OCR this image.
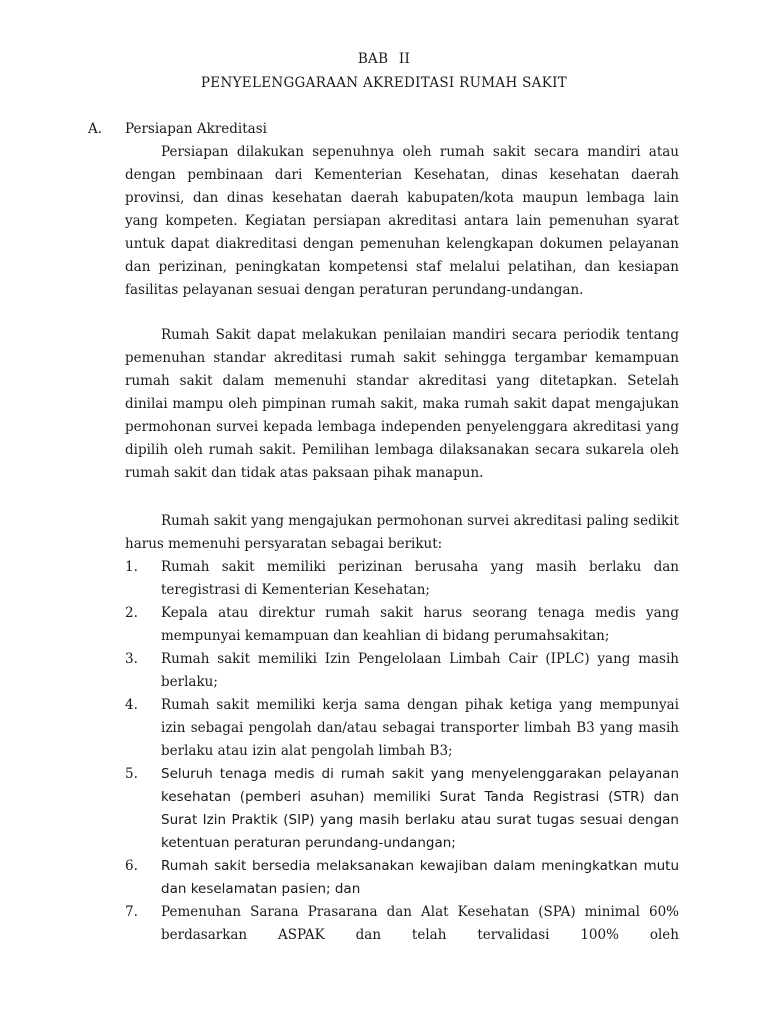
BAB II
PENYELENGGARAAN AKREDITASI RUMAH SAKIT
A. Persiapan Akreditasi
Persiapan dilakukan sepenuhnya oleh rumah sakit secara mandiri atau dengan pembinaan dari Kementerian Kesehatan, dinas kesehatan daerah provinsi, dan dinas kesehatan daerah kabupaten/kota maupun lembaga lain yang kompeten. Kegiatan persiapan akreditasi antara lain pemenuhan syarat untuk dapat diakreditasi dengan pemenuhan kelengkapan dokumen pelayanan dan perizinan, peningkatan kompetensi staf melalui pelatihan, dan kesiapan fasilitas pelayanan sesuai dengan peraturan perundang-undangan.
Rumah Sakit dapat melakukan penilaian mandiri secara periodik tentang pemenuhan standar akreditasi rumah sakit sehingga tergambar kemampuan rumah sakit dalam memenuhi standar akreditasi yang ditetapkan. Setelah dinilai mampu oleh pimpinan rumah sakit, maka rumah sakit dapat mengajukan permohonan survei kepada lembaga independen penyelenggara akreditasi yang dipilih oleh rumah sakit. Pemilihan lembaga dilaksanakan secara sukarela oleh rumah sakit dan tidak atas paksaan pihak manapun.
Rumah sakit yang mengajukan permohonan survei akreditasi paling sedikit harus memenuhi persyaratan sebagai berikut:
1. Rumah sakit memiliki perizinan berusaha yang masih berlaku dan teregistrasi di Kementerian Kesehatan;
2. Kepala atau direktur rumah sakit harus seorang tenaga medis yang mempunyai kemampuan dan keahlian di bidang perumahsakitan;
3. Rumah sakit memiliki Izin Pengelolaan Limbah Cair (IPLC) yang masih berlaku;
4. Rumah sakit memiliki kerja sama dengan pihak ketiga yang mempunyai izin sebagai pengolah dan/atau sebagai transporter limbah B3 yang masih berlaku atau izin alat pengolah limbah B3;
5. Seluruh tenaga medis di rumah sakit yang menyelenggarakan pelayanan kesehatan (pemberi asuhan) memiliki Surat Tanda Registrasi (STR) dan Surat Izin Praktik (SIP) yang masih berlaku atau surat tugas sesuai dengan ketentuan peraturan perundang-undangan;
6. Rumah sakit bersedia melaksanakan kewajiban dalam meningkatkan mutu dan keselamatan pasien; dan
7. Pemenuhan Sarana Prasarana dan Alat Kesehatan (SPA) minimal 60% berdasarkan ASPAK dan telah tervalidasi 100% oleh
